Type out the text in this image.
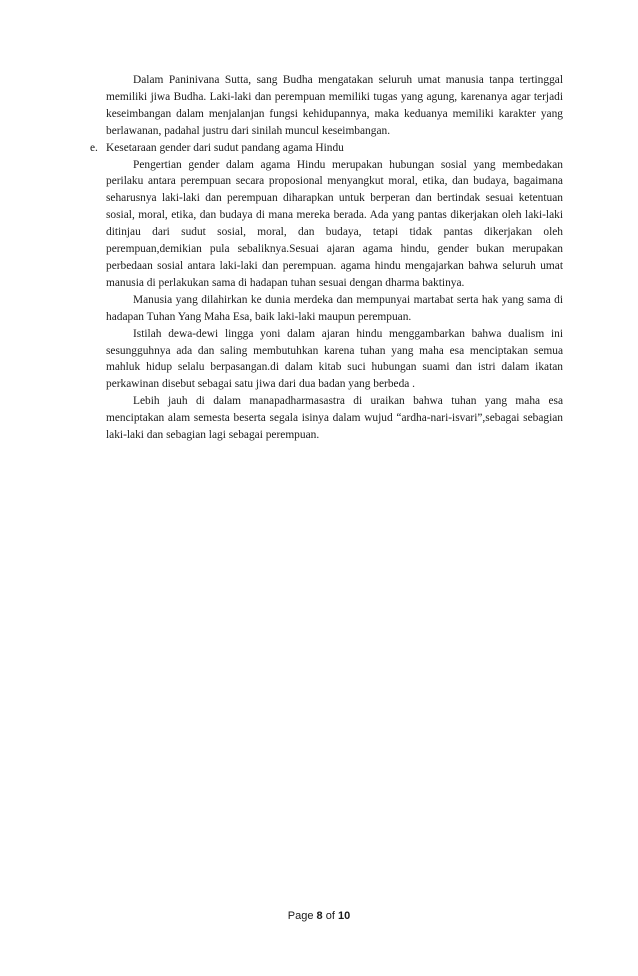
Dalam Paninivana Sutta, sang Budha mengatakan seluruh umat manusia tanpa tertinggal memiliki jiwa Budha. Laki-laki dan perempuan memiliki tugas yang agung, karenanya agar terjadi keseimbangan dalam menjalanjan fungsi kehidupannya, maka keduanya memiliki karakter yang berlawanan, padahal justru dari sinilah muncul keseimbangan.

e. Kesetaraan gender dari sudut pandang agama Hindu

Pengertian gender dalam agama Hindu merupakan hubungan sosial yang membedakan perilaku antara perempuan secara proposional menyangkut moral, etika, dan budaya, bagaimana seharusnya laki-laki dan perempuan diharapkan untuk berperan dan bertindak sesuai ketentuan sosial, moral, etika, dan budaya di mana mereka berada. Ada yang pantas dikerjakan oleh laki-laki ditinjau dari sudut sosial, moral, dan budaya, tetapi tidak pantas dikerjakan oleh perempuan,demikian pula sebaliknya.Sesuai ajaran agama hindu, gender bukan merupakan perbedaan sosial antara laki-laki dan perempuan. agama hindu mengajarkan bahwa seluruh umat manusia di perlakukan sama di hadapan tuhan sesuai dengan dharma baktinya.

Manusia yang dilahirkan ke dunia merdeka dan mempunyai martabat serta hak yang sama di hadapan Tuhan Yang Maha Esa, baik laki-laki maupun perempuan.

Istilah dewa-dewi lingga yoni dalam ajaran hindu menggambarkan bahwa dualism ini sesungguhnya ada dan saling membutuhkan karena tuhan yang maha esa menciptakan semua mahluk hidup selalu berpasangan.di dalam kitab suci hubungan suami dan istri dalam ikatan perkawinan disebut sebagai satu jiwa dari dua badan yang berbeda .

Lebih jauh di dalam manapadharmasastra di uraikan bahwa tuhan yang maha esa menciptakan alam semesta beserta segala isinya dalam wujud “ardha-nari-isvari”,sebagai sebagian laki-laki dan sebagian lagi sebagai perempuan.

Page 8 of 10
